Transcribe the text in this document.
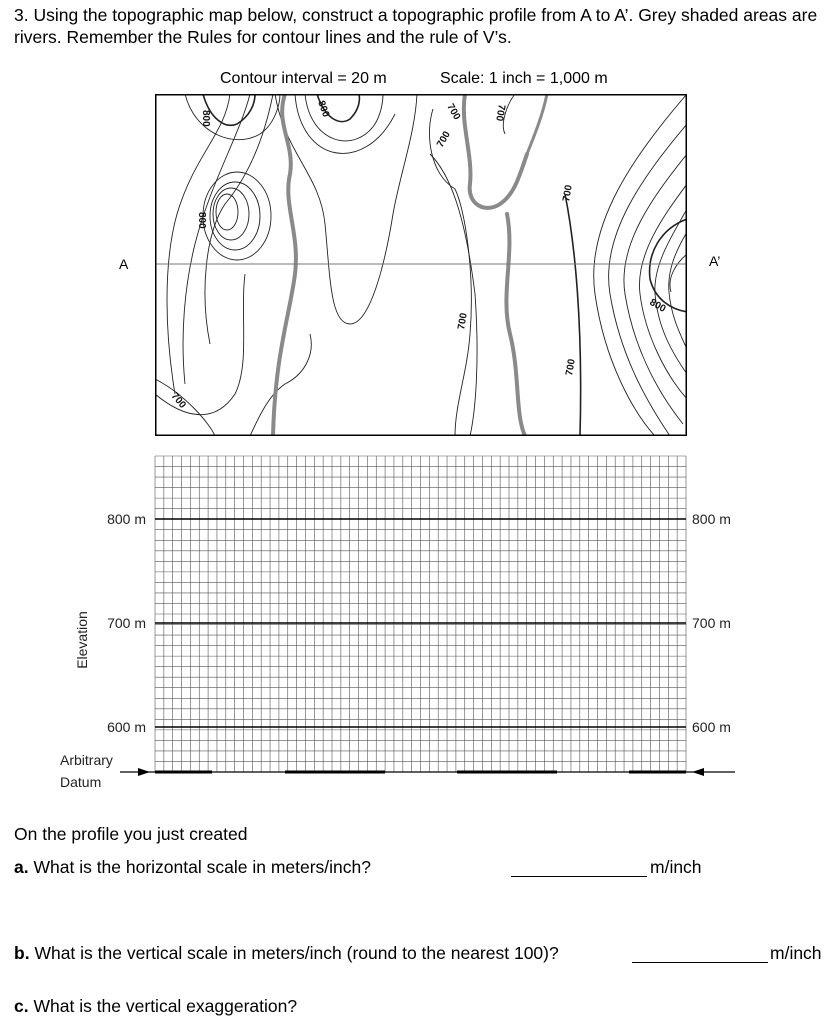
3. Using the topographic map below, construct a topographic profile from A to A’. Grey shaded areas are rivers. Remember the Rules for contour lines and the rule of V’s.
Contour interval = 20 m	Scale: 1 inch = 1,000 m
800	800	700
700
800
700
700
800
700
700
700
A	A’
800 m
700 m
600 m
800 m
700 m
600 m
Elevation
Arbitrary
Datum
On the profile you just created
a. What is the horizontal scale in meters/inch?	m/inch
b. What is the vertical scale in meters/inch (round to the nearest 100)?	m/inch
c. What is the vertical exaggeration?
